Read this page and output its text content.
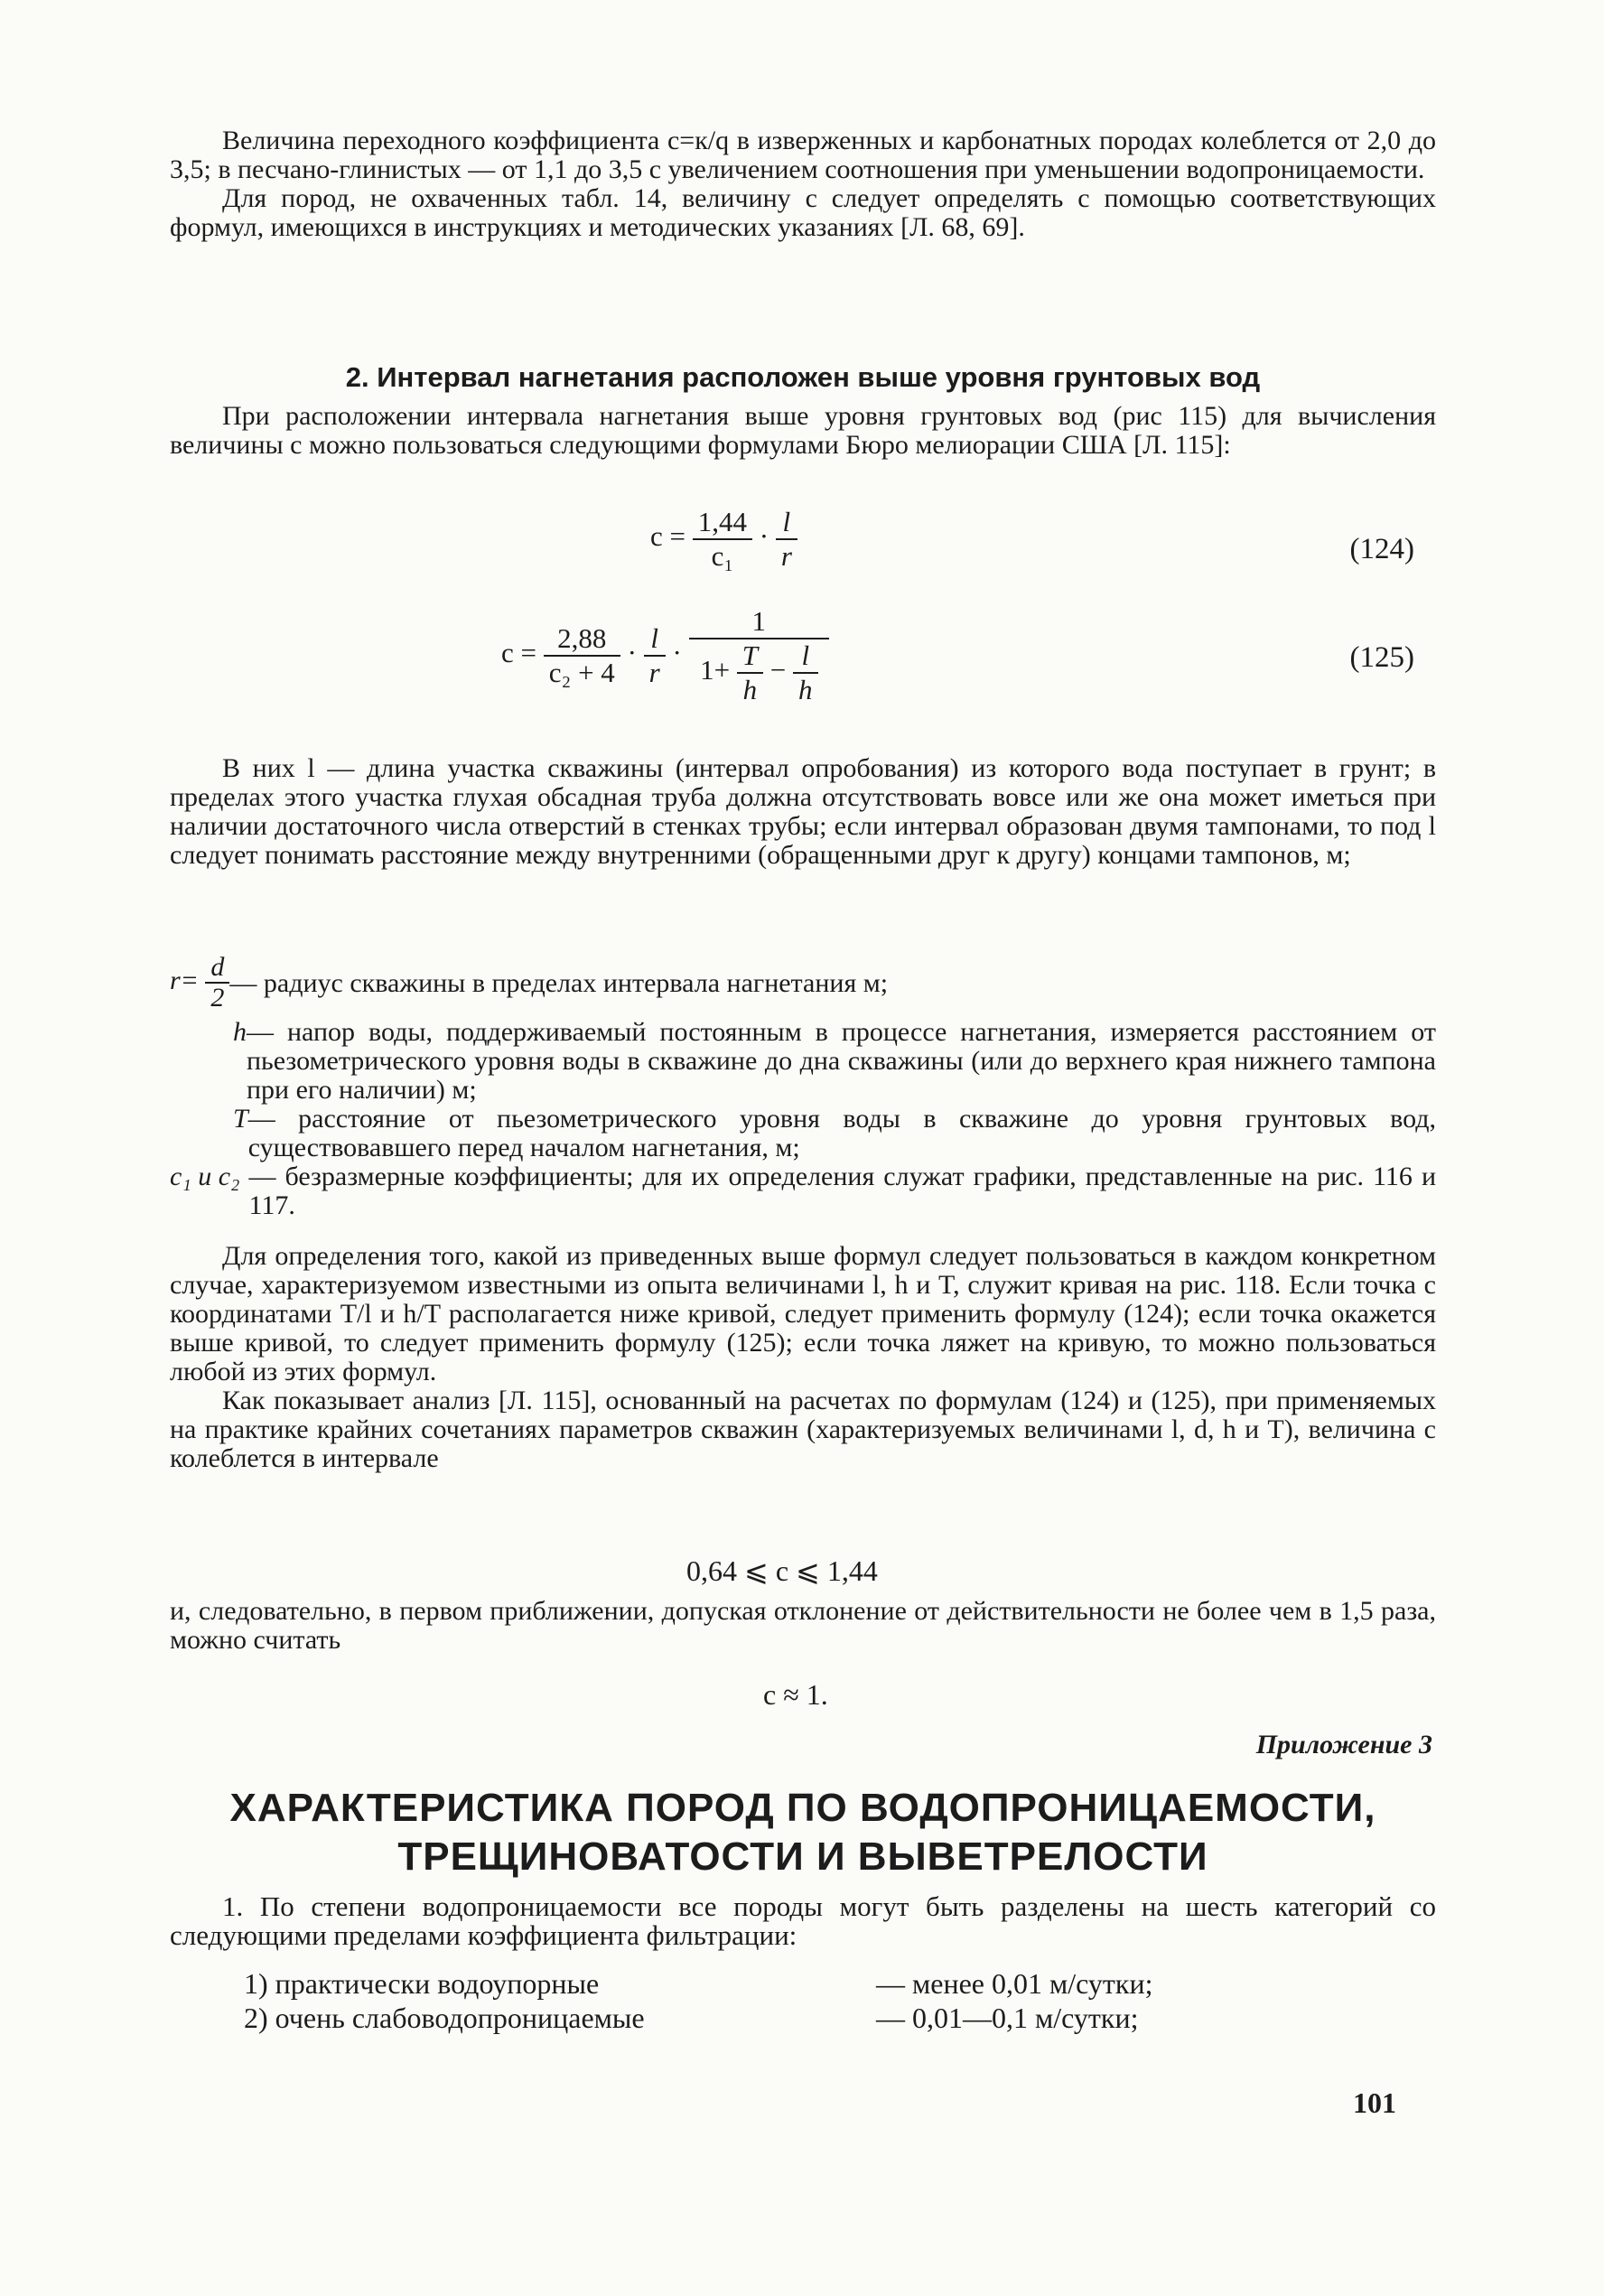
Величина переходного коэффициента c=к/q в изверженных и карбонатных породах колеблется от 2,0 до 3,5; в песчано-глинистых — от 1,1 до 3,5 с увеличением соотношения при уменьшении водопроницаемости.

Для пород, не охваченных табл. 14, величину c следует определять с помощью соответствующих формул, имеющихся в инструкциях и методических указаниях [Л. 68, 69].

2. Интервал нагнетания расположен выше уровня грунтовых вод

При расположении интервала нагнетания выше уровня грунтовых вод (рис 115) для вычисления величины c можно пользоваться следующими формулами Бюро мелиорации США [Л. 115]:

$c = \frac{1,44}{\text{c₁}} \cdot \frac{l}{r}$	(124)
$c = \frac{2,88}{\text{c₂ + 4}} \cdot \frac{l}{r}$ ·
1
$1+ \frac{T}{h} - \frac{l}{h}$	(125)

В них l — длина участка скважины (интервал опробования) из которого вода поступает в грунт; в пределах этого участка глухая обсадная труба должна отсутствовать вовсе или же она может иметься при наличии достаточного числа отверстий в стенках трубы; если интервал образован двумя тампонами, то под l следует понимать расстояние между внутренними (обращенными друг к другу) концами тампонов, м;

$r= \frac{d}{2}$ — радиус скважины в пределах интервала нагнетания м;
h — напор воды, поддерживаемый постоянным в процессе нагнетания, измеряется расстоянием от пьезометрического уровня воды в скважине до дна скважины (или до верхнего края нижнего тампона при его наличии) м;
T — расстояние от пьезометрического уровня воды в скважине до уровня грунтовых вод, существовавшего перед началом нагнетания, м;
c₁ и c₂ — безразмерные коэффициенты; для их определения служат графики, представленные на рис. 116 и 117.

Для определения того, какой из приведенных выше формул следует пользоваться в каждом конкретном случае, характеризуемом известными из опыта величинами l, h и T, служит кривая на рис. 118. Если точка с координатами T/l и h/T располагается ниже кривой, следует применить формулу (124); если точка окажется выше кривой, то следует применить формулу (125); если точка ляжет на кривую, то можно пользоваться любой из этих формул.

Как показывает анализ [Л. 115], основанный на расчетах по формулам (124) и (125), при применяемых на практике крайних сочетаниях параметров скважин (характеризуемых величинами l, d, h и T), величина c колеблется в интервале

0,64 ⩽ c ⩽ 1,44

и, следовательно, в первом приближении, допуская отклонение от действительности не более чем в 1,5 раза, можно считать

c ≈ 1.
Приложение 3
ХАРАКТЕРИСТИКА ПОРОД ПО ВОДОПРОНИЦАЕМОСТИ,
ТРЕЩИНОВАТОСТИ И ВЫВЕТРЕЛОСТИ

1. По степени водопроницаемости все породы могут быть разделены на шесть категорий со следующими пределами коэффициента фильтрации:

1) практически водоупорные	— менее 0,01 м/сутки;
2) очень слабоводопроницаемые	— 0,01—0,1 м/сутки;
101
